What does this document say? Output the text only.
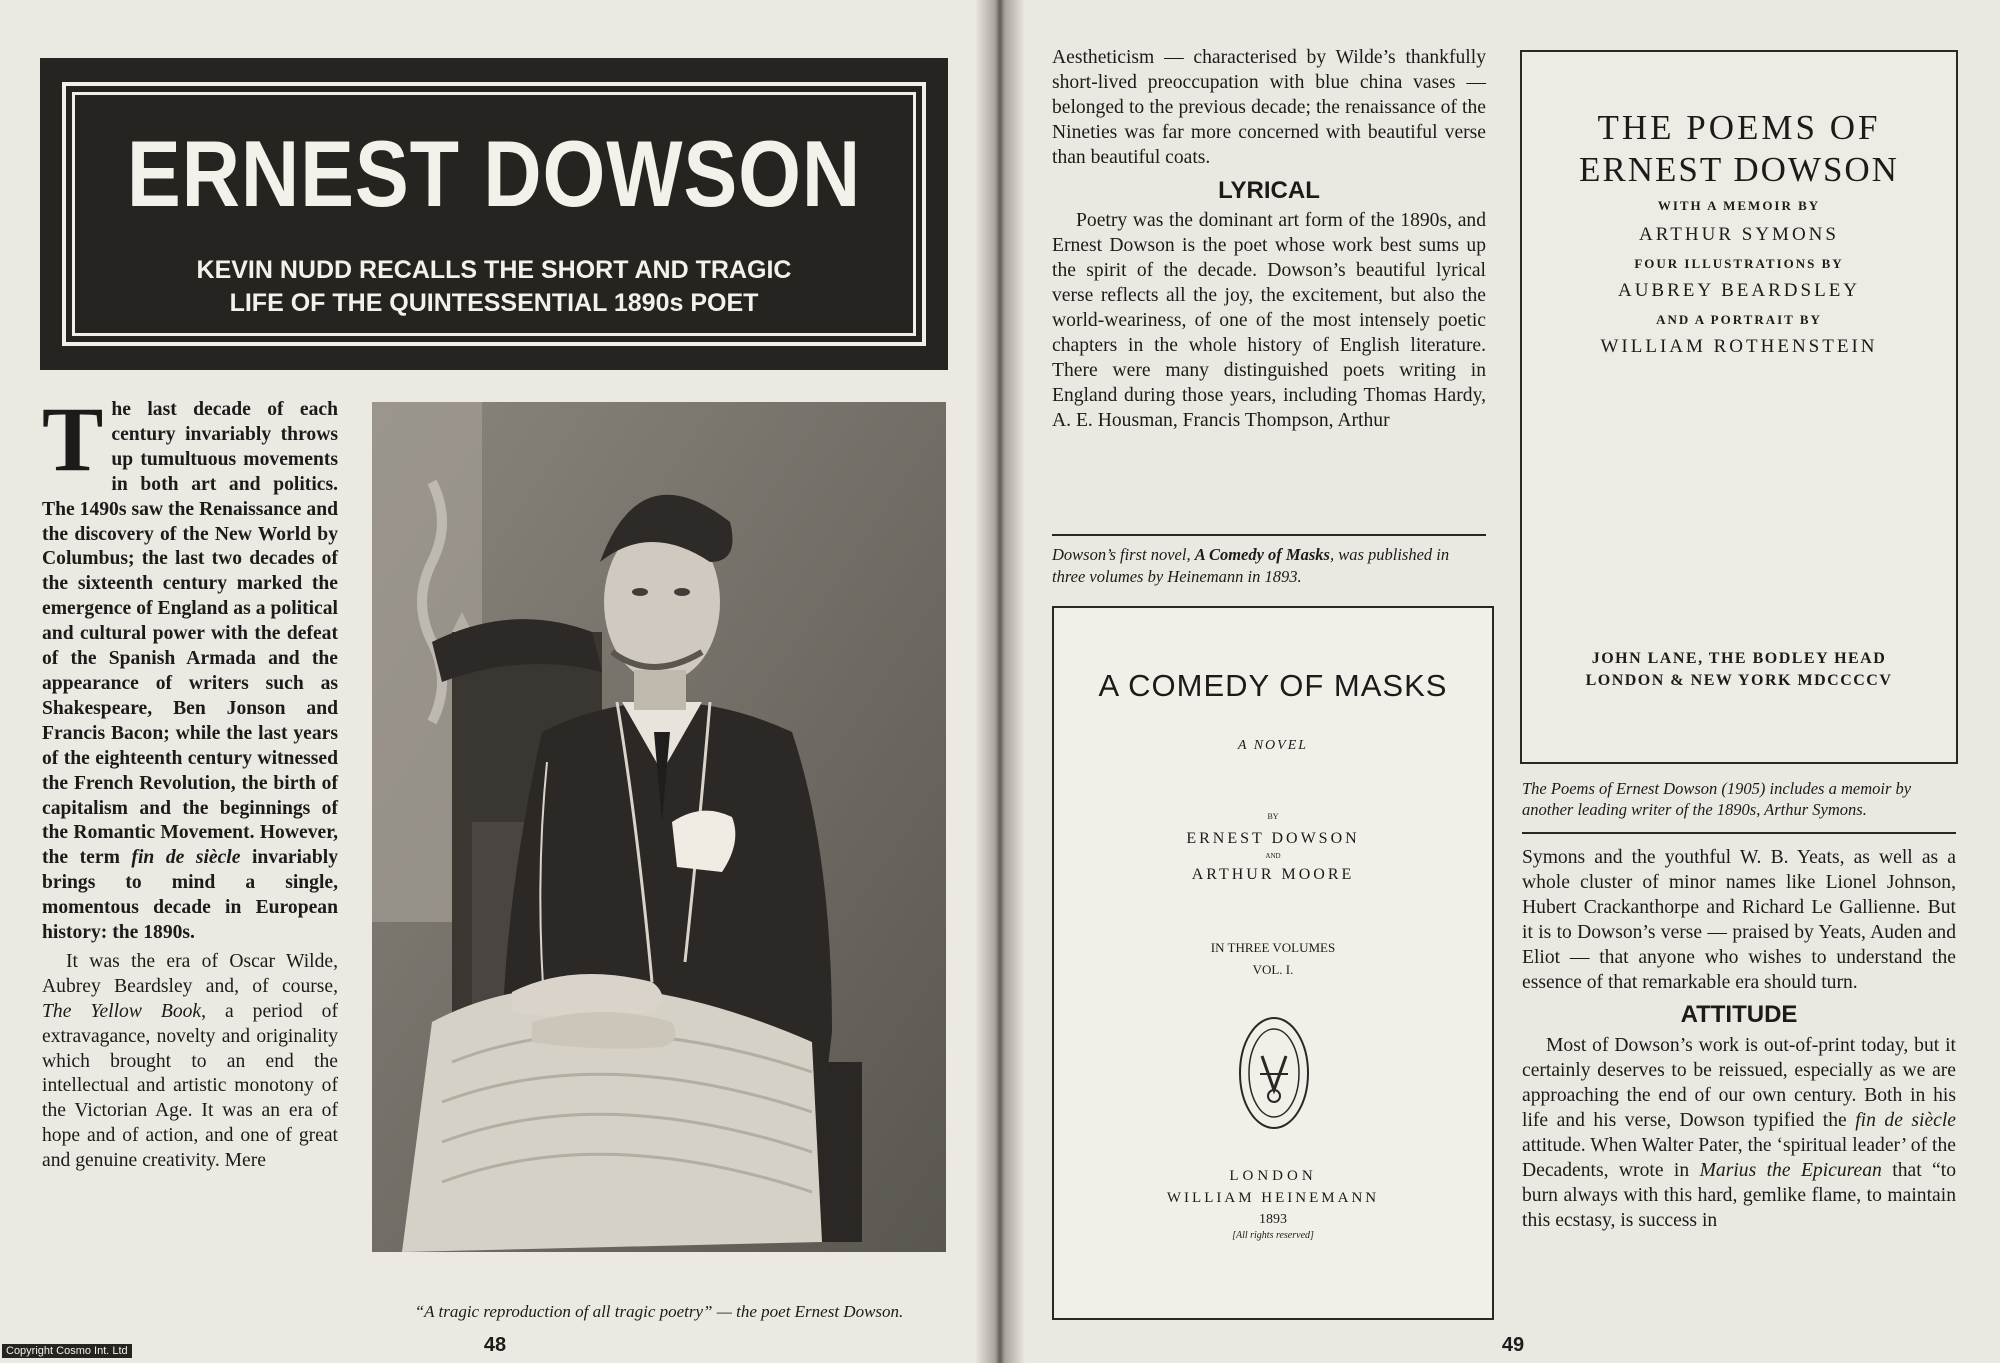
ERNEST DOWSON
KEVIN NUDD RECALLS THE SHORT AND TRAGIC
LIFE OF THE QUINTESSENTIAL 1890s POET

The last decade of each century invariably throws up tumultuous movements in both art and politics. The 1490s saw the Renaissance and the discovery of the New World by Columbus; the last two decades of the sixteenth century marked the emergence of England as a political and cultural power with the defeat of the Spanish Armada and the appearance of writers such as Shakespeare, Ben Jonson and Francis Bacon; while the last years of the eighteenth century witnessed the French Revolution, the birth of capitalism and the beginnings of the Romantic Movement. However, the term fin de siècle invariably brings to mind a single, momentous decade in European history: the 1890s.

It was the era of Oscar Wilde, Aubrey Beardsley and, of course, The Yellow Book, a period of extravagance, novelty and originality which brought to an end the intellectual and artistic monotony of the Victorian Age. It was an era of hope and of action, and one of great and genuine creativity. Mere

“A tragic reproduction of all tragic poetry” — the poet Ernest Dowson.
48
Copyright Cosmo Int. Ltd

Aestheticism — characterised by Wilde’s thankfully short-lived preoccupation with blue china vases — belonged to the previous decade; the renaissance of the Nineties was far more concerned with beautiful verse than beautiful coats.

LYRICAL

Poetry was the dominant art form of the 1890s, and Ernest Dowson is the poet whose work best sums up the spirit of the decade. Dowson’s beautiful lyrical verse reflects all the joy, the excitement, but also the world-weariness, of one of the most intensely poetic chapters in the whole history of English literature. There were many distinguished poets writing in England during those years, including Thomas Hardy, A. E. Housman, Francis Thompson, Arthur

Dowson’s first novel, A Comedy of Masks, was published in three volumes by Heinemann in 1893.
A COMEDY OF MASKS
A NOVEL
BY
ERNEST DOWSON
AND
ARTHUR MOORE
IN THREE VOLUMES
VOL. I.
LONDON
WILLIAM HEINEMANN
1893
[All rights reserved]
THE POEMS OF
ERNEST DOWSON
WITH A MEMOIR BY
ARTHUR SYMONS
FOUR ILLUSTRATIONS BY
AUBREY BEARDSLEY
AND A PORTRAIT BY
WILLIAM ROTHENSTEIN
JOHN LANE, THE BODLEY HEAD
LONDON & NEW YORK MDCCCCV
The Poems of Ernest Dowson (1905) includes a memoir by another leading writer of the 1890s, Arthur Symons.

Symons and the youthful W. B. Yeats, as well as a whole cluster of minor names like Lionel Johnson, Hubert Crackanthorpe and Richard Le Gallienne. But it is to Dowson’s verse — praised by Yeats, Auden and Eliot — that anyone who wishes to understand the essence of that remarkable era should turn.

ATTITUDE

Most of Dowson’s work is out-of-print today, but it certainly deserves to be reissued, especially as we are approaching the end of our own century. Both in his life and his verse, Dowson typified the fin de siècle attitude. When Walter Pater, the ‘spiritual leader’ of the Decadents, wrote in Marius the Epicurean that “to burn always with this hard, gemlike flame, to maintain this ecstasy, is success in

49
